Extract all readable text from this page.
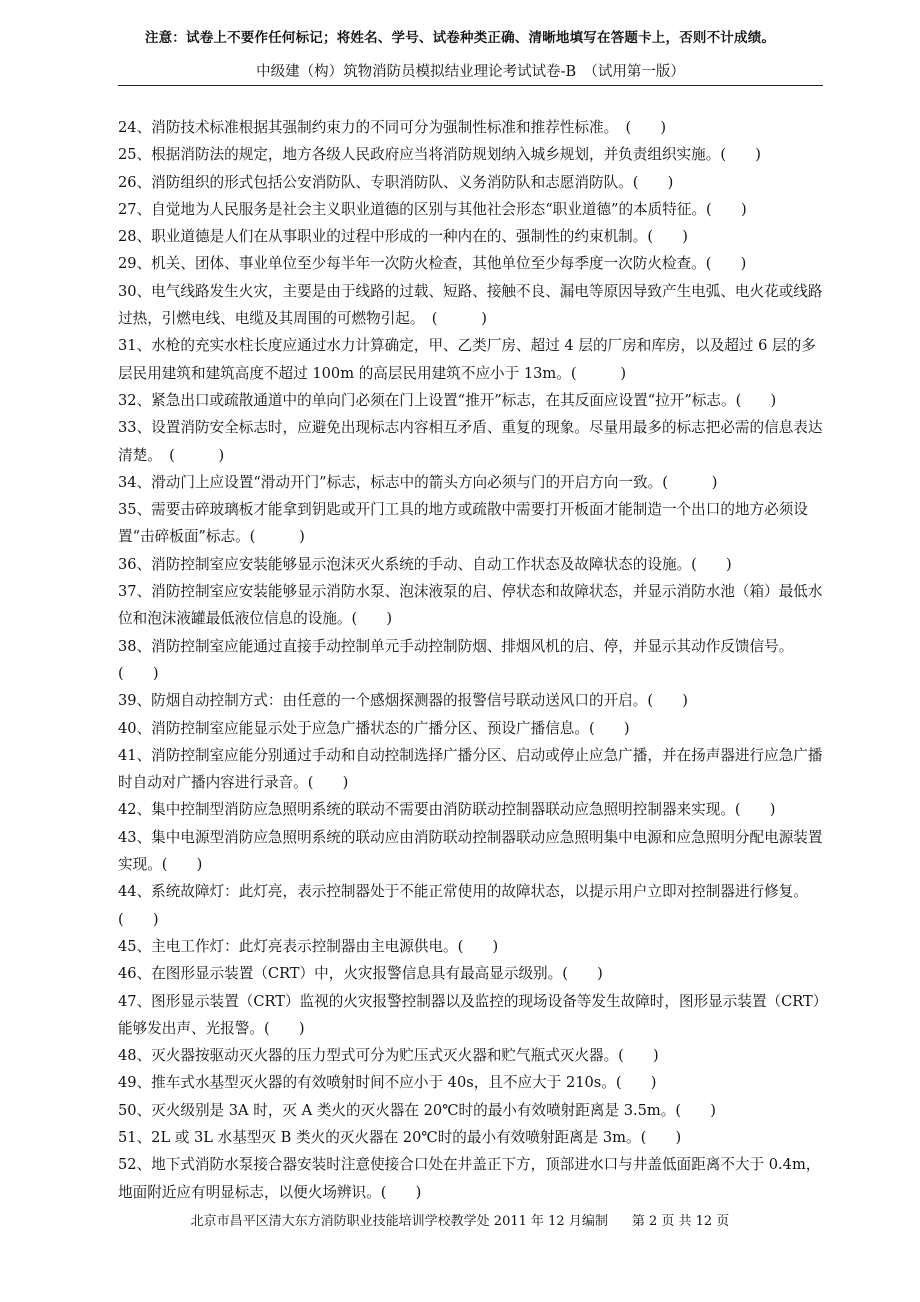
注意：试卷上不要作任何标记；将姓名、学号、试卷种类正确、清晰地填写在答题卡上，否则不计成绩。
中级建（构）筑物消防员模拟结业理论考试试卷-B　（试用第一版）
24、消防技术标准根据其强制约束力的不同可分为强制性标准和推荐性标准。　(　　)
25、根据消防法的规定，地方各级人民政府应当将消防规划纳入城乡规划，并负责组织实施。(　　)
26、消防组织的形式包括公安消防队、专职消防队、义务消防队和志愿消防队。(　　)
27、自觉地为人民服务是社会主义职业道德的区别与其他社会形态“职业道德”的本质特征。(　　)
28、职业道德是人们在从事职业的过程中形成的一种内在的、强制性的约束机制。(　　)
29、机关、团体、事业单位至少每半年一次防火检查，其他单位至少每季度一次防火检查。(　　)
30、电气线路发生火灾，主要是由于线路的过载、短路、接触不良、漏电等原因导致产生电弧、电火花或线路过热，引燃电线、电缆及其周围的可燃物引起。　(　　　)
31、水枪的充实水柱长度应通过水力计算确定，甲、乙类厂房、超过 4 层的厂房和库房，以及超过 6 层的多层民用建筑和建筑高度不超过 100m 的高层民用建筑不应小于 13m。(　　　)
32、紧急出口或疏散通道中的单向门必须在门上设置“推开”标志，在其反面应设置“拉开”标志。(　　)
33、设置消防安全标志时，应避免出现标志内容相互矛盾、重复的现象。尽量用最多的标志把必需的信息表达清楚。　(　　　)
34、滑动门上应设置“滑动开门”标志，标志中的箭头方向必须与门的开启方向一致。(　　　)
35、需要击碎玻璃板才能拿到钥匙或开门工具的地方或疏散中需要打开板面才能制造一个出口的地方必须设置“击碎板面”标志。(　　　)
36、消防控制室应安装能够显示泡沫灭火系统的手动、自动工作状态及故障状态的设施。(　　)
37、消防控制室应安装能够显示消防水泵、泡沫液泵的启、停状态和故障状态，并显示消防水池（箱）最低水位和泡沫液罐最低液位信息的设施。(　　)
38、消防控制室应能通过直接手动控制单元手动控制防烟、排烟风机的启、停，并显示其动作反馈信号。(　　)
39、防烟自动控制方式：由任意的一个感烟探测器的报警信号联动送风口的开启。(　　)
40、消防控制室应能显示处于应急广播状态的广播分区、预设广播信息。(　　)
41、消防控制室应能分别通过手动和自动控制选择广播分区、启动或停止应急广播，并在扬声器进行应急广播时自动对广播内容进行录音。(　　)
42、集中控制型消防应急照明系统的联动不需要由消防联动控制器联动应急照明控制器来实现。(　　)
43、集中电源型消防应急照明系统的联动应由消防联动控制器联动应急照明集中电源和应急照明分配电源装置实现。(　　)
44、系统故障灯：此灯亮，表示控制器处于不能正常使用的故障状态，以提示用户立即对控制器进行修复。(　　)
45、主电工作灯：此灯亮表示控制器由主电源供电。(　　)
46、在图形显示装置（CRT）中，火灾报警信息具有最高显示级别。(　　)
47、图形显示装置（CRT）监视的火灾报警控制器以及监控的现场设备等发生故障时，图形显示装置（CRT）能够发出声、光报警。(　　)
48、灭火器按驱动灭火器的压力型式可分为贮压式灭火器和贮气瓶式灭火器。(　　)
49、推车式水基型灭火器的有效喷射时间不应小于 40s，且不应大于 210s。(　　)
50、灭火级别是 3A 时，灭 A 类火的灭火器在 20℃时的最小有效喷射距离是 3.5m。(　　)
51、2L 或 3L 水基型灭 B 类火的灭火器在 20℃时的最小有效喷射距离是 3m。(　　)
52、地下式消防水泵接合器安装时注意使接合口处在井盖正下方，顶部进水口与井盖低面距离不大于 0.4m，地面附近应有明显标志，以便火场辨识。(　　)
北京市昌平区清大东方消防职业技能培训学校教学处 2011 年 12 月编制 第 2 页 共 12 页
